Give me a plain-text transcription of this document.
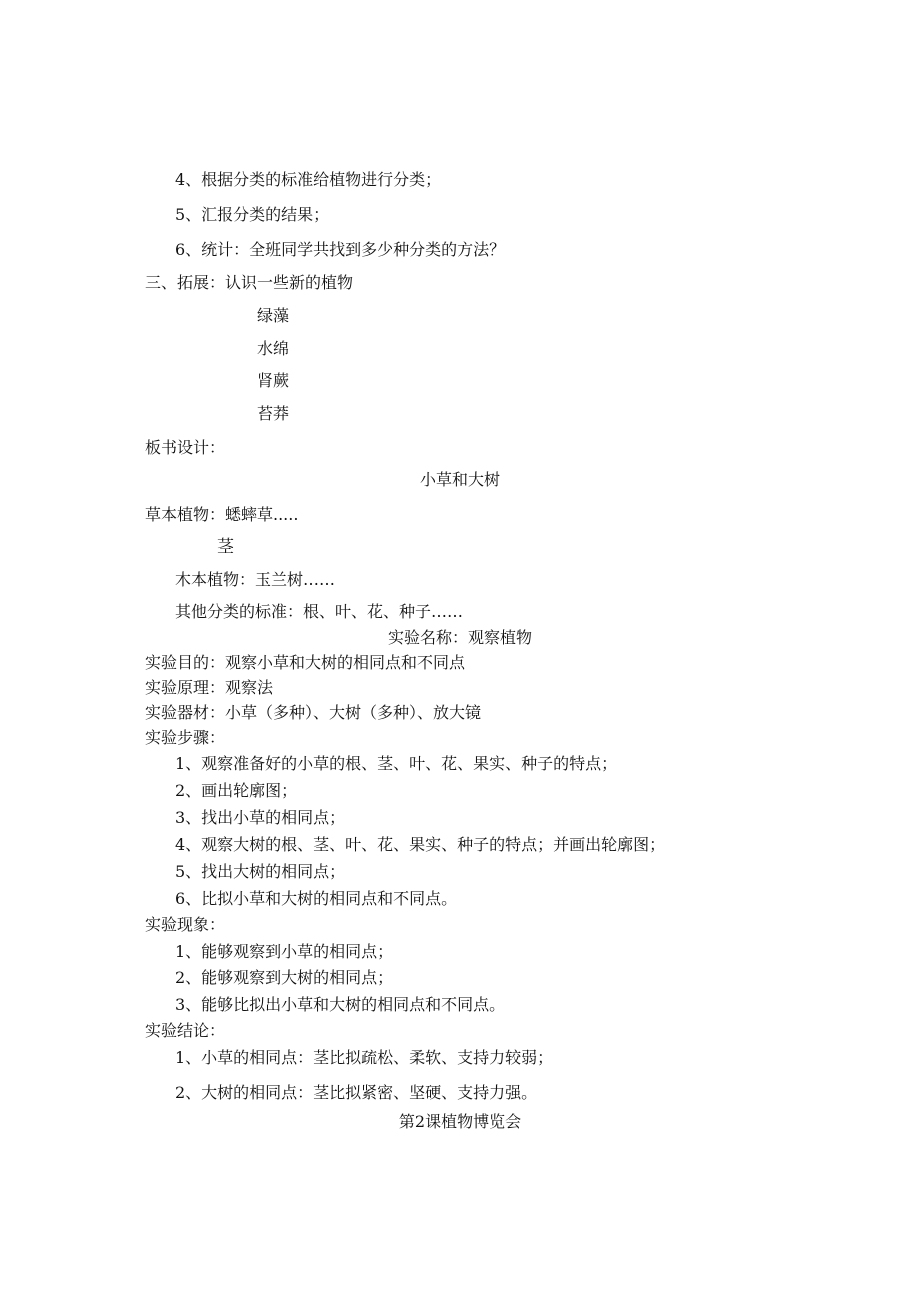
4、根据分类的标准给植物进行分类；
5、汇报分类的结果；
6、统计：全班同学共找到多少种分类的方法？
三、拓展：认识一些新的植物
绿藻
水绵
肾蕨
苔莽
板书设计：
小草和大树
草本植物：蟋蟀草.....
茎
木本植物：玉兰树……
其他分类的标准：根、叶、花、种子……
实验名称：观察植物
实验目的：观察小草和大树的相同点和不同点
实验原理：观察法
实验器材：小草（多种）、大树（多种）、放大镜
实验步骤：
1、观察准备好的小草的根、茎、叶、花、果实、种子的特点；
2、画出轮廓图；
3、找出小草的相同点；
4、观察大树的根、茎、叶、花、果实、种子的特点；并画出轮廓图；
5、找出大树的相同点；
6、比拟小草和大树的相同点和不同点。
实验现象：
1、能够观察到小草的相同点；
2、能够观察到大树的相同点；
3、能够比拟出小草和大树的相同点和不同点。
实验结论：
1、小草的相同点：茎比拟疏松、柔软、支持力较弱；
2、大树的相同点：茎比拟紧密、坚硬、支持力强。
第2课植物博览会
